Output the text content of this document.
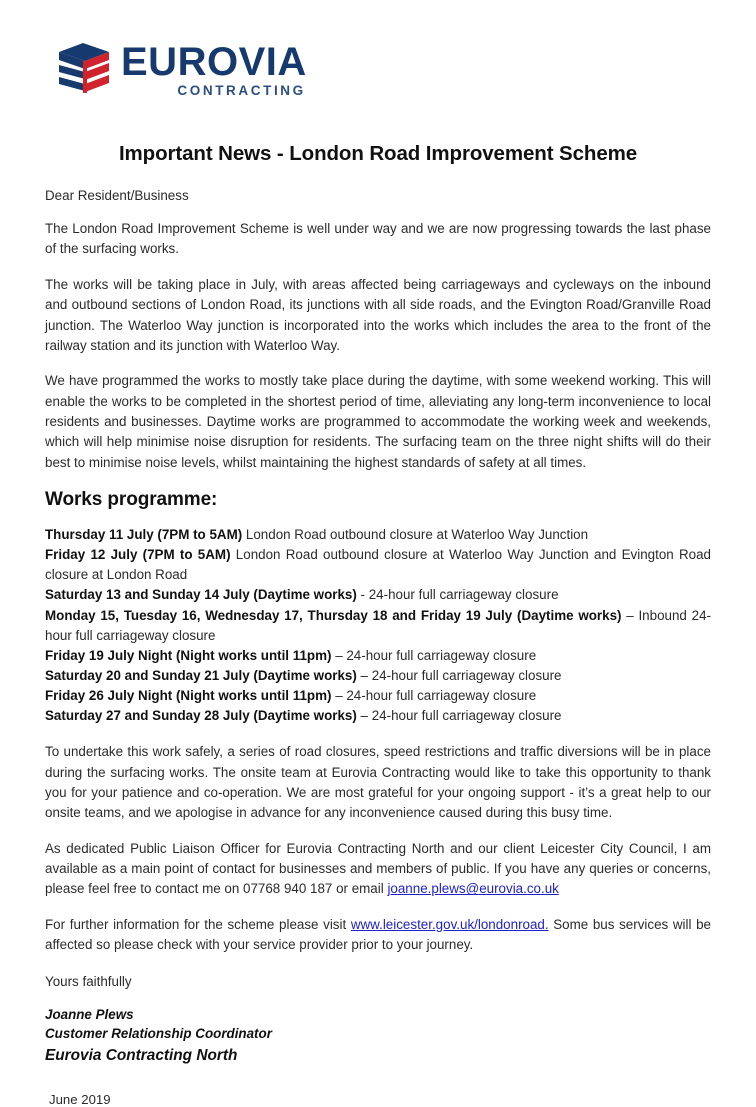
EUROVIA
CONTRACTING
Important News - London Road Improvement Scheme
Dear Resident/Business

The London Road Improvement Scheme is well under way and we are now progressing towards the last phase of the surfacing works.

The works will be taking place in July, with areas affected being carriageways and cycleways on the inbound and outbound sections of London Road, its junctions with all side roads, and the Evington Road/Granville Road junction. The Waterloo Way junction is incorporated into the works which includes the area to the front of the railway station and its junction with Waterloo Way.

We have programmed the works to mostly take place during the daytime, with some weekend working. This will enable the works to be completed in the shortest period of time, alleviating any long-term inconvenience to local residents and businesses. Daytime works are programmed to accommodate the working week and weekends, which will help minimise noise disruption for residents. The surfacing team on the three night shifts will do their best to minimise noise levels, whilst maintaining the highest standards of safety at all times.

Works programme:

Thursday 11 July (7PM to 5AM) London Road outbound closure at Waterloo Way Junction

Friday 12 July (7PM to 5AM) London Road outbound closure at Waterloo Way Junction and Evington Road closure at London Road

Saturday 13 and Sunday 14 July (Daytime works) - 24-hour full carriageway closure

Monday 15, Tuesday 16, Wednesday 17, Thursday 18 and Friday 19 July (Daytime works) – Inbound 24-hour full carriageway closure

Friday 19 July Night (Night works until 11pm) – 24-hour full carriageway closure

Saturday 20 and Sunday 21 July (Daytime works) – 24-hour full carriageway closure

Friday 26 July Night (Night works until 11pm) – 24-hour full carriageway closure

Saturday 27 and Sunday 28 July (Daytime works) – 24-hour full carriageway closure

To undertake this work safely, a series of road closures, speed restrictions and traffic diversions will be in place during the surfacing works. The onsite team at Eurovia Contracting would like to take this opportunity to thank you for your patience and co-operation. We are most grateful for your ongoing support - it’s a great help to our onsite teams, and we apologise in advance for any inconvenience caused during this busy time.

As dedicated Public Liaison Officer for Eurovia Contracting North and our client Leicester City Council, I am available as a main point of contact for businesses and members of public. If you have any queries or concerns, please feel free to contact me on 07768 940 187 or email joanne.plews@eurovia.co.uk

For further information for the scheme please visit www.leicester.gov.uk/londonroad. Some bus services will be affected so please check with your service provider prior to your journey.

Yours faithfully
Joanne Plews
Customer Relationship Coordinator
Eurovia Contracting North
June 2019
